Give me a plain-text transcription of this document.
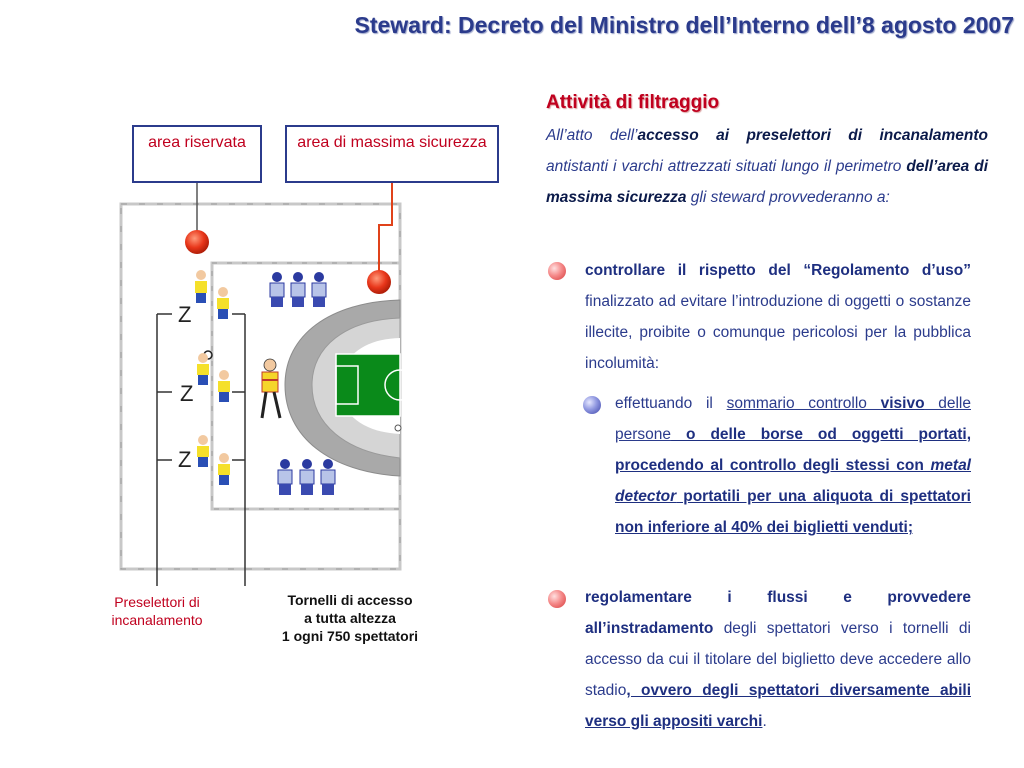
Steward: Decreto del Ministro dell’Interno dell’8 agosto 2007
Attività di filtraggio
All’atto dell’accesso ai preselettori di incanalamento antistanti i varchi attrezzati situati lungo il perimetro dell’area di massima sicurezza gli steward provvederanno a:
controllare il rispetto del “Regolamento d’uso” finalizzato ad evitare l’introduzione di oggetti o sostanze illecite, proibite o comunque pericolosi per la pubblica incolumità:
effettuando il sommario controllo visivo delle persone o delle borse od oggetti portati, procedendo al controllo degli stessi con metal detector portatili per una aliquota di spettatori non inferiore al 40% dei biglietti venduti;
regolamentare i flussi e provvedere all’instradamento degli spettatori verso i tornelli di accesso da cui il titolare del biglietto deve accedere allo stadio, ovvero degli spettatori diversamente abili verso gli appositi varchi.
Z
Z
Z
area riservata	area di massima sicurezza
Preselettori di
incanalamento
Tornelli di accesso
a tutta altezza
1 ogni 750 spettatori
